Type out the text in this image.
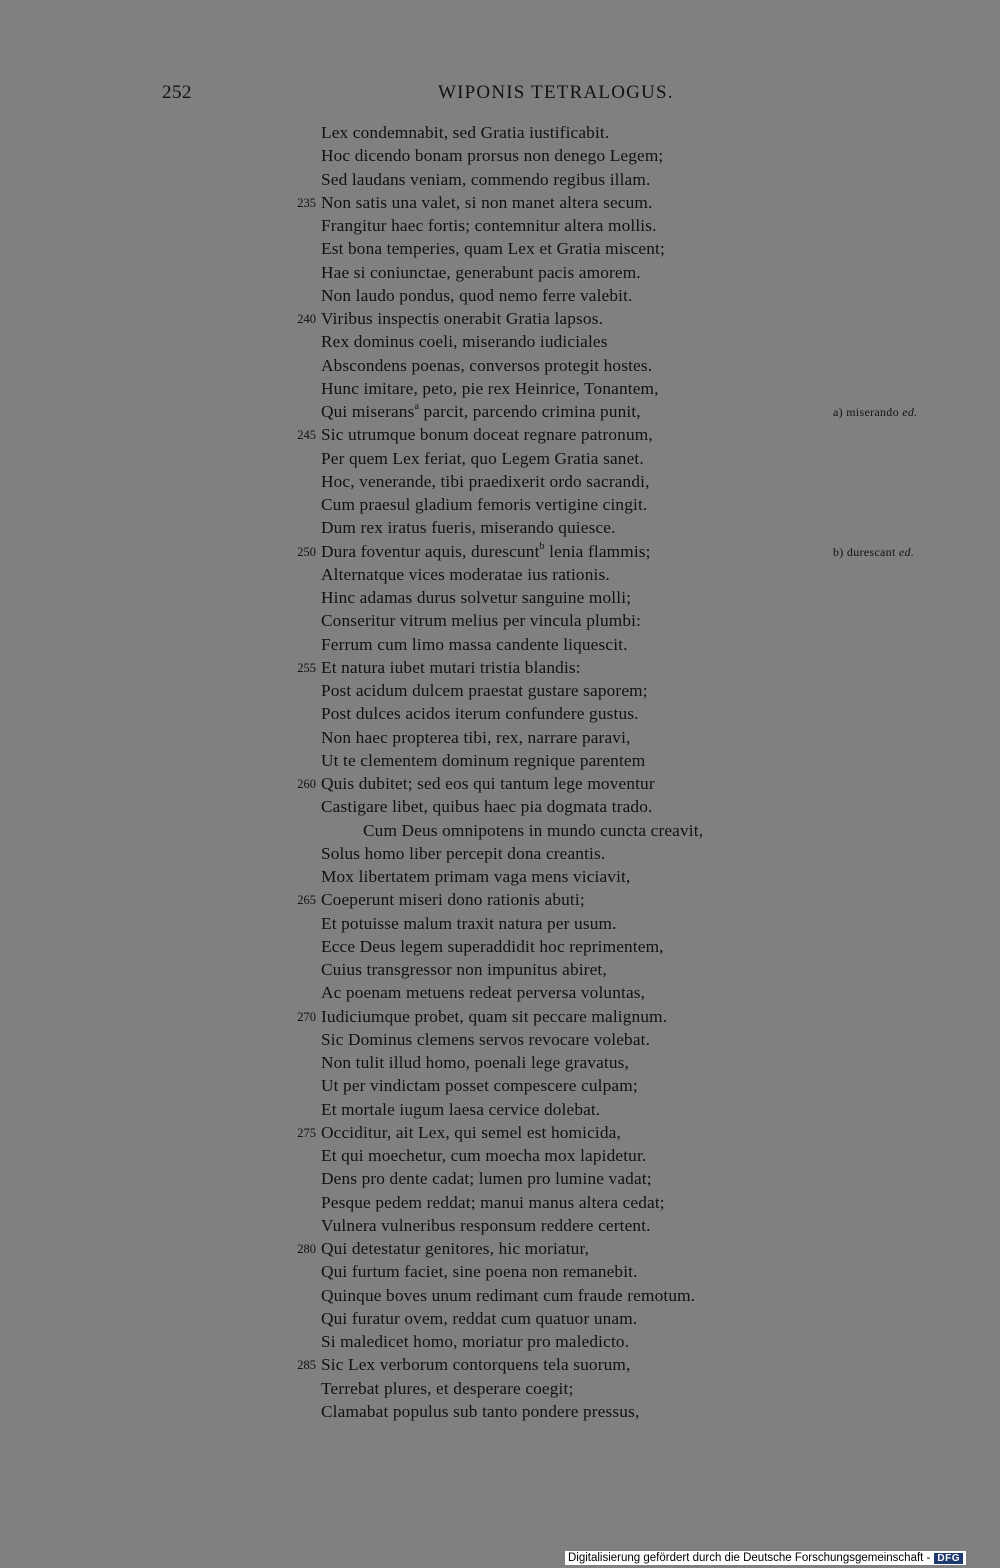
252	WIPONIS TETRALOGUS.
Lex condemnabit, sed Gratia iustificabit.
Hoc dicendo bonam prorsus non denego Legem;
Sed laudans veniam, commendo regibus illam.
235 Non satis una valet, si non manet altera secum.
Frangitur haec fortis; contemnitur altera mollis.
Est bona temperies, quam Lex et Gratia miscent;
Hae si coniunctae, generabunt pacis amorem.
Non laudo pondus, quod nemo ferre valebit.
240 Viribus inspectis onerabit Gratia lapsos.
Rex dominus coeli, miserando iudiciales
Abscondens poenas, conversos protegit hostes.
Hunc imitare, peto, pie rex Heinrice, Tonantem,
Qui miserans$^a$ parcit, parcendo crimina punit,	a) miserando ed.
245 Sic utrumque bonum doceat regnare patronum,
Per quem Lex feriat, quo Legem Gratia sanet.
Hoc, venerande, tibi praedixerit ordo sacrandi,
Cum praesul gladium femoris vertigine cingit.
Dum rex iratus fueris, miserando quiesce.
250 Dura foventur aquis, durescunt$^b$ lenia flammis;	b) durescant ed.
Alternatque vices moderatae ius rationis.
Hinc adamas durus solvetur sanguine molli;
Conseritur vitrum melius per vincula plumbi:
Ferrum cum limo massa candente liquescit.
255 Et natura iubet mutari tristia blandis:
Post acidum dulcem praestat gustare saporem;
Post dulces acidos iterum confundere gustus.
Non haec propterea tibi, rex, narrare paravi,
Ut te clementem dominum regnique parentem
260 Quis dubitet; sed eos qui tantum lege moventur
Castigare libet, quibus haec pia dogmata trado.
Cum Deus omnipotens in mundo cuncta creavit,
Solus homo liber percepit dona creantis.
Mox libertatem primam vaga mens viciavit,
265 Coeperunt miseri dono rationis abuti;
Et potuisse malum traxit natura per usum.
Ecce Deus legem superaddidit hoc reprimentem,
Cuius transgressor non impunitus abiret,
Ac poenam metuens redeat perversa voluntas,
270 Iudiciumque probet, quam sit peccare malignum.
Sic Dominus clemens servos revocare volebat.
Non tulit illud homo, poenali lege gravatus,
Ut per vindictam posset compescere culpam;
Et mortale iugum laesa cervice dolebat.
275 Occiditur, ait Lex, qui semel est homicida,
Et qui moechetur, cum moecha mox lapidetur.
Dens pro dente cadat; lumen pro lumine vadat;
Pesque pedem reddat; manui manus altera cedat;
Vulnera vulneribus responsum reddere certent.
280 Qui detestatur genitores, hic moriatur,
Qui furtum faciet, sine poena non remanebit.
Quinque boves unum redimant cum fraude remotum.
Qui furatur ovem, reddat cum quatuor unam.
Si maledicet homo, moriatur pro maledicto.
285 Sic Lex verborum contorquens tela suorum,
Terrebat plures, et desperare coegit;
Clamabat populus sub tanto pondere pressus,
Digitalisierung gefördert durch die Deutsche Forschungsgemeinschaft - DFG
